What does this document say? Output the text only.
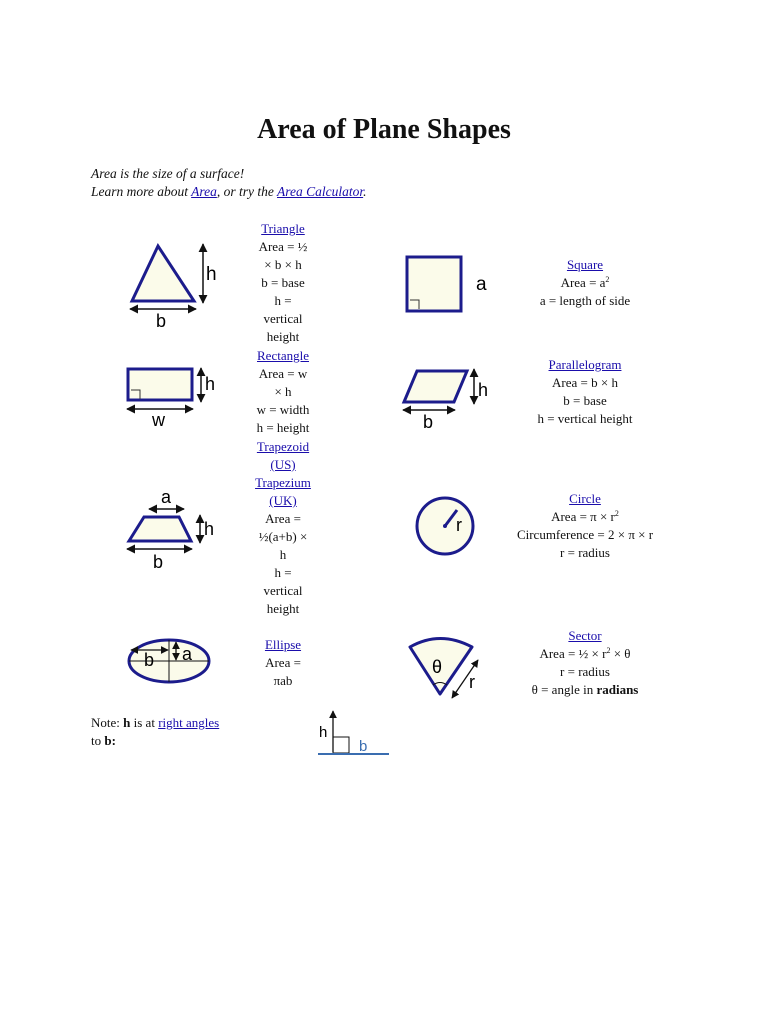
Area of Plane Shapes
Area is the size of a surface!
Learn more about Area, or try the Area Calculator.
h
b
Triangle
Area = ½
× b × h
b = base
h =
vertical
height
a
Square
Area = $a^2$
a = length of side
h
w
Rectangle
Area = w
× h
w = width
h = height
h
b
Parallelogram
Area = b × h
b = base
h = vertical height
a
h
b
Trapezoid
(US)
Trapezium
(UK)
Area =
½(a+b) ×
h
h =
vertical
height
r
Circle
Area = $\pi \times r^2$
Circumference = 2 × π × r
r = radius
b a	Ellipse
Area =
πab
θ
r
Sector
Area = ½ × $r^2 \times \theta$
r = radius
θ = angle in radians
Note: h is at right angles
to b:	h
b
